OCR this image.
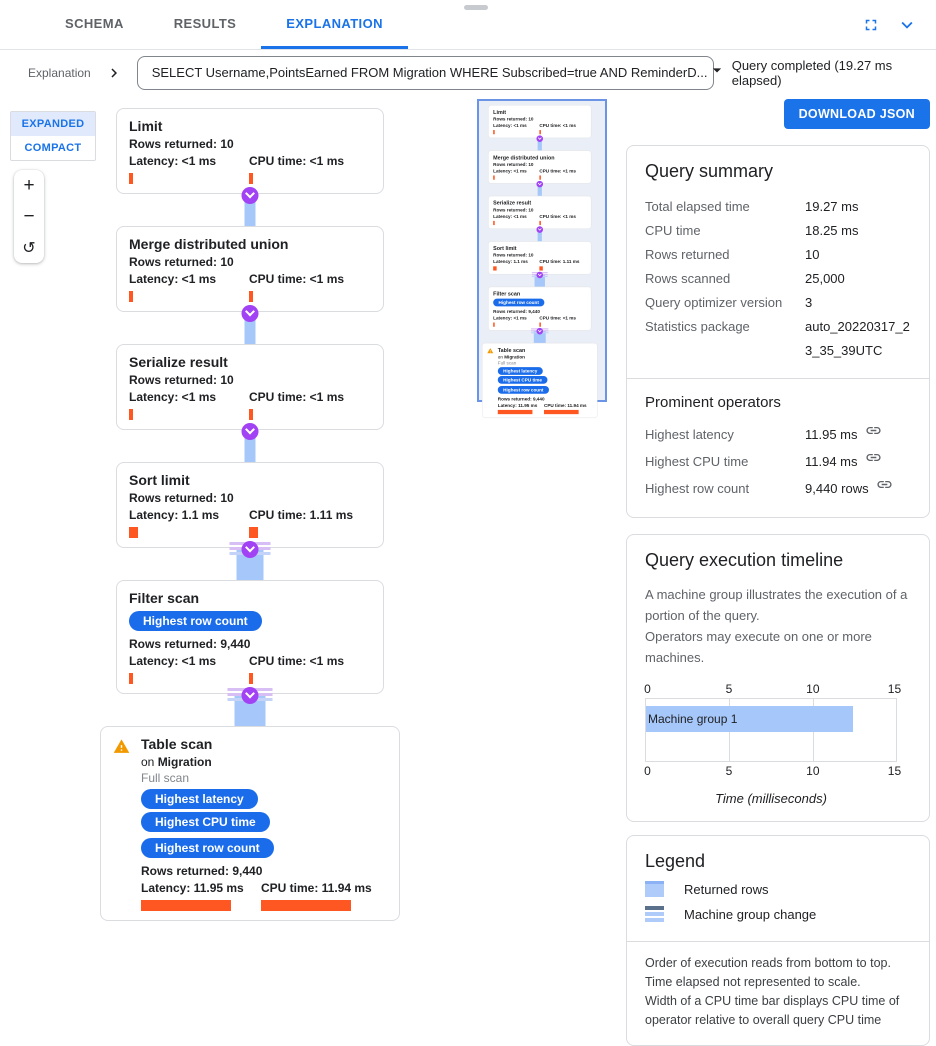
SCHEMA	RESULTS	EXPLANATION
Explanation	SELECT Username,PointsEarned FROM Migration WHERE Subscribed=true AND ReminderD... Query completed (19.27 ms elapsed)
EXPANDED
COMPACT
+
−
↺
Limit
Rows returned: 10
Latency: <1 ms	CPU time: <1 ms
Merge distributed union
Rows returned: 10
Latency: <1 ms	CPU time: <1 ms
Serialize result
Rows returned: 10
Latency: <1 ms	CPU time: <1 ms
Sort limit
Rows returned: 10
Latency: 1.1 ms	CPU time: 1.11 ms
Filter scan
Highest row count
Rows returned: 9,440
Latency: <1 ms	CPU time: <1 ms
Table scan
on Migration
Full scan
Highest latencyHighest CPU time
Highest row count
Rows returned: 9,440
Latency: 11.95 ms	CPU time: 11.94 ms
Limit
Rows returned: 10
Latency: <1 ms	CPU time: <1 ms
Merge distributed union
Rows returned: 10
Latency: <1 ms	CPU time: <1 ms
Serialize result
Rows returned: 10
Latency: <1 ms	CPU time: <1 ms
Sort limit
Rows returned: 10
Latency: 1.1 ms CPU time: 1.11 ms
Filter scan
Highest row count
Rows returned: 9,440
Latency: <1 ms	CPU time: <1 ms
Table scan
on Migration
Full scan
Highest latencyHighest CPU time
Highest row count
Rows returned: 9,440
Latency: 11.95 ms CPU time: 11.94 ms
DOWNLOAD JSON
Query summary
Total elapsed time	19.27 ms
CPU time	18.25 ms
Rows returned	10
Rows scanned	25,000
Query optimizer version	3
Statistics package	auto_20220317_23_35_39UTC
Prominent operators
Highest latency	11.95 ms
Highest CPU time	11.94 ms
Highest row count	9,440 rows
Query execution timeline
A machine group illustrates the execution of a portion of the query.
Operators may execute on one or more machines.
0	5	10	15
Machine group 1
0	5	10	15
Time (milliseconds)
Legend
Returned rows
Machine group change
Order of execution reads from bottom to top.
Time elapsed not represented to scale.
Width of a CPU time bar displays CPU time of operator relative to overall query CPU time
